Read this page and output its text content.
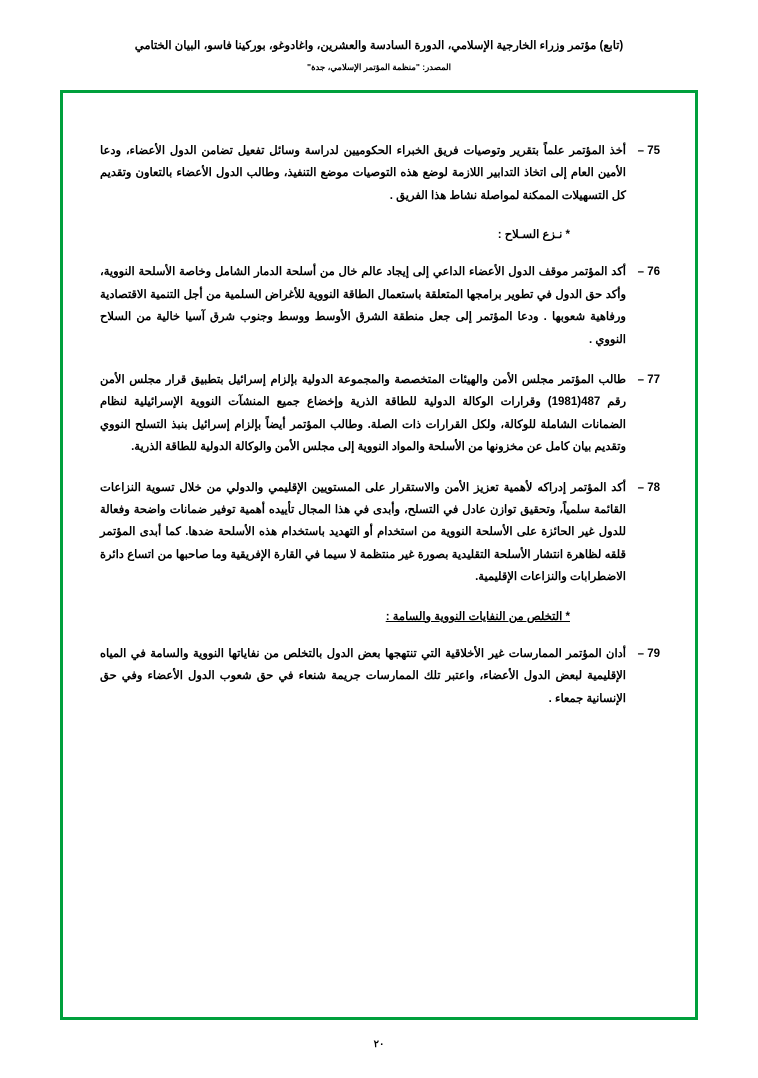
(تابع) مؤتمر وزراء الخارجية الإسلامي، الدورة السادسة والعشرين، واغادوغو، بوركينا فاسو، البيان الختامي
المصدر: "منظمة المؤتمر الإسلامي، جدة"
75 –
أخذ المؤتمر علماً بتقرير وتوصيات فريق الخبراء الحكوميين لدراسة وسائل تفعيل تضامن الدول الأعضاء، ودعا الأمين العام إلى اتخاذ التدابير اللازمة لوضع هذه التوصيات موضع التنفيذ، وطالب الدول الأعضاء بالتعاون وتقديم كل التسهيلات الممكنة لمواصلة نشاط هذا الفريق .
* نـزع السـلاح :
76 –
أكد المؤتمر موقف الدول الأعضاء الداعي إلى إيجاد عالم خال من أسلحة الدمار الشامل وخاصة الأسلحة النووية، وأكد حق الدول في تطوير برامجها المتعلقة باستعمال الطاقة النووية للأغراض السلمية من أجل التنمية الاقتصادية ورفاهية شعوبها . ودعا المؤتمر إلى جعل منطقة الشرق الأوسط ووسط وجنوب شرق آسيا خالية من السلاح النووي .
77 –
طالب المؤتمر مجلس الأمن والهيئات المتخصصة والمجموعة الدولية بإلزام إسرائيل بتطبيق قرار مجلس الأمن رقم 487(1981) وقرارات الوكالة الدولية للطاقة الذرية وإخضاع جميع المنشآت النووية الإسرائيلية لنظام الضمانات الشاملة للوكالة، ولكل القرارات ذات الصلة. وطالب المؤتمر أيضاً بإلزام إسرائيل بنبذ التسلح النووي وتقديم بيان كامل عن مخزونها من الأسلحة والمواد النووية إلى مجلس الأمن والوكالة الدولية للطاقة الذرية.
78 –
أكد المؤتمر إدراكه لأهمية تعزيز الأمن والاستقرار على المستويين الإقليمي والدولي من خلال تسوية النزاعات القائمة سلمياً، وتحقيق توازن عادل في التسلح، وأبدى في هذا المجال تأييده أهمية توفير ضمانات واضحة وفعالة للدول غير الحائزة على الأسلحة النووية من استخدام أو التهديد باستخدام هذه الأسلحة ضدها. كما أبدى المؤتمر قلقه لظاهرة انتشار الأسلحة التقليدية بصورة غير منتظمة لا سيما في القارة الإفريقية وما صاحبها من اتساع دائرة الاضطرابات والنزاعات الإقليمية.
* التخلص من النفايات النووية والسامة :
79 –
أدان المؤتمر الممارسات غير الأخلاقية التي تنتهجها بعض الدول بالتخلص من نفاياتها النووية والسامة في المياه الإقليمية لبعض الدول الأعضاء، واعتبر تلك الممارسات جريمة شنعاء في حق شعوب الدول الأعضاء وفي حق الإنسانية جمعاء .
٢٠
